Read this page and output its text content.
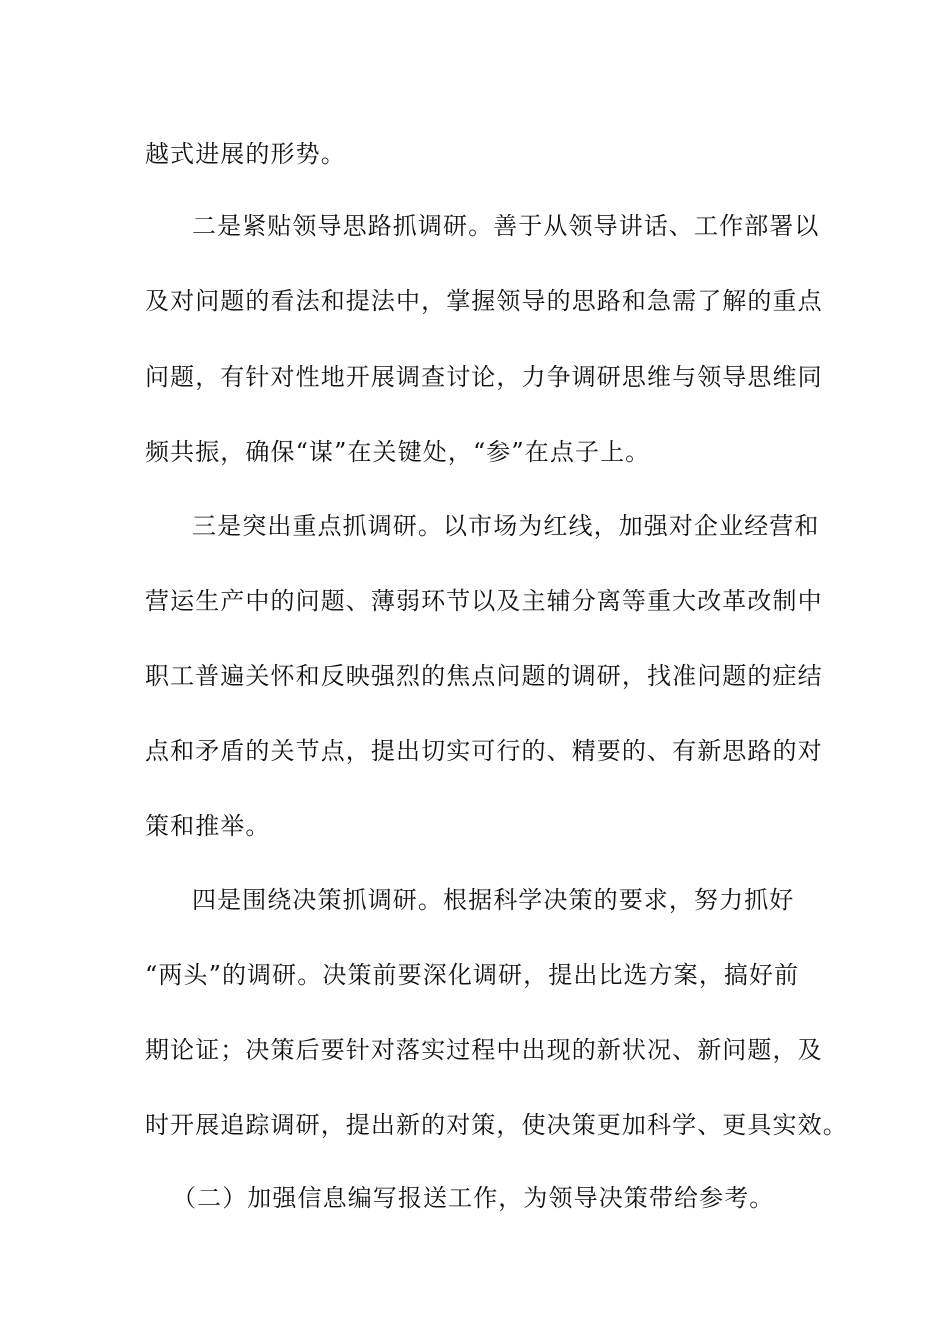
越式进展的形势。
二是紧贴领导思路抓调研。善于从领导讲话、工作部署以
及对问题的看法和提法中，掌握领导的思路和急需了解的重点
问题，有针对性地开展调查讨论，力争调研思维与领导思维同
频共振，确保“谋”在关键处，“参”在点子上。
三是突出重点抓调研。以市场为红线，加强对企业经营和
营运生产中的问题、薄弱环节以及主辅分离等重大改革改制中
职工普遍关怀和反映强烈的焦点问题的调研，找准问题的症结
点和矛盾的关节点，提出切实可行的、精要的、有新思路的对
策和推举。
四是围绕决策抓调研。根据科学决策的要求，努力抓好
“两头”的调研。决策前要深化调研，提出比选方案，搞好前
期论证；决策后要针对落实过程中出现的新状况、新问题，及
时开展追踪调研，提出新的对策，使决策更加科学、更具实效。
（二）加强信息编写报送工作，为领导决策带给参考。
